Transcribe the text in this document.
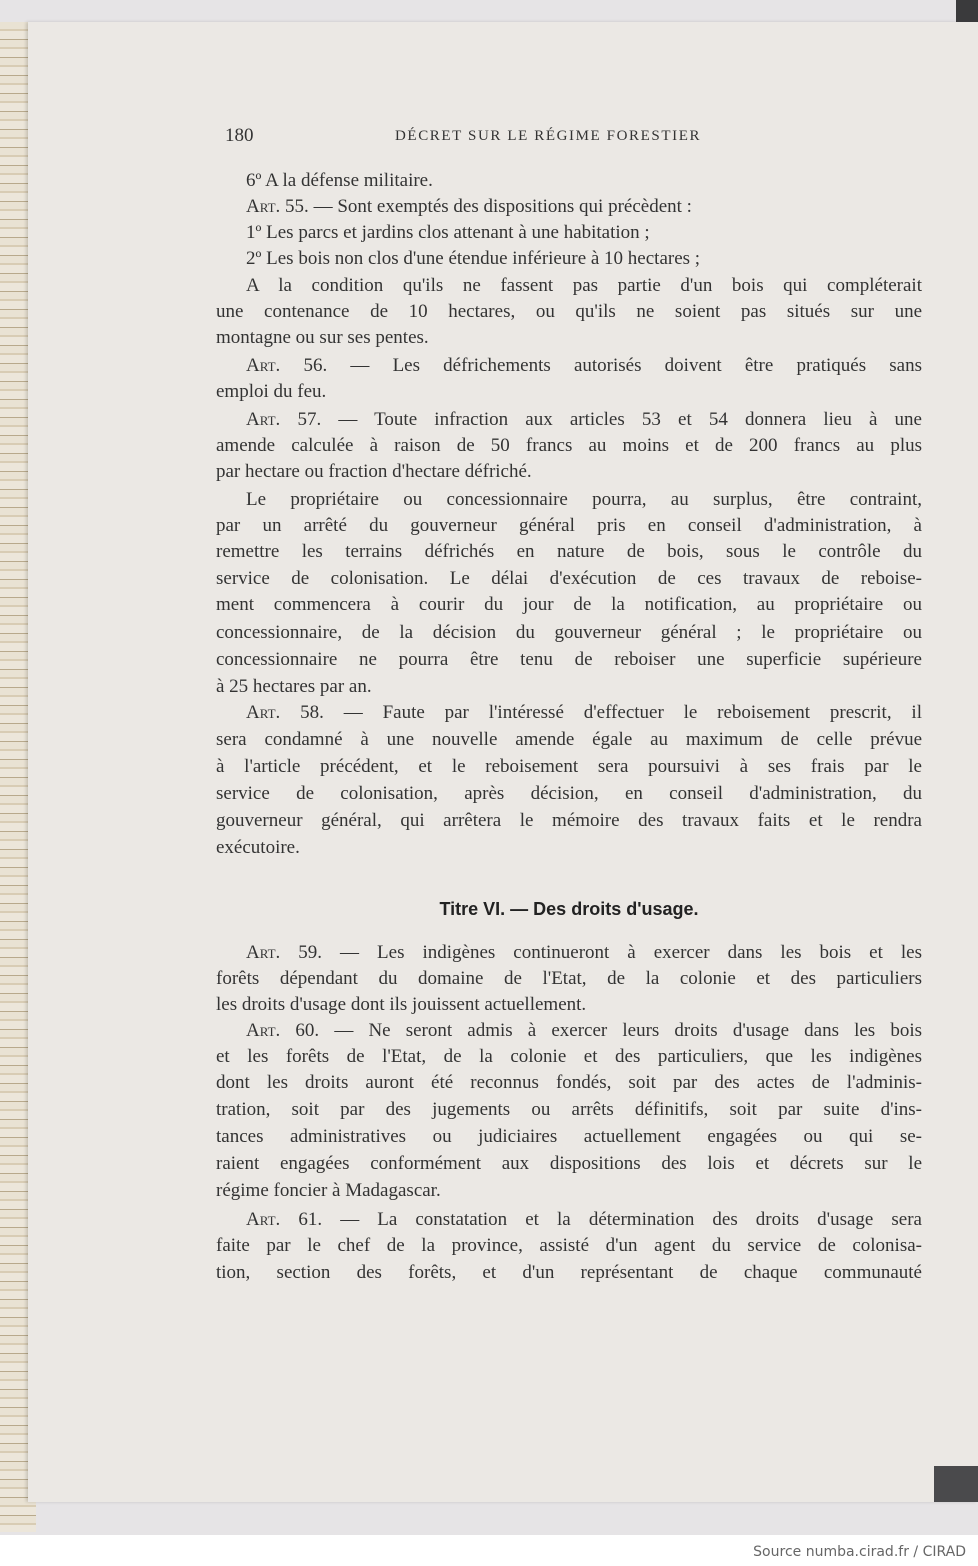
180	DÉCRET SUR LE RÉGIME FORESTIER
6º A la défense militaire.
Art. 55. — Sont exemptés des dispositions qui précèdent :
1º Les parcs et jardins clos attenant à une habitation ;
2º Les bois non clos d'une étendue inférieure à 10 hectares ;
A la condition qu'ils ne fassent pas partie d'un bois qui compléterait
une contenance de 10 hectares, ou qu'ils ne soient pas situés sur une
montagne ou sur ses pentes.
Art. 56. — Les défrichements autorisés doivent être pratiqués sans
emploi du feu.
Art. 57. — Toute infraction aux articles 53 et 54 donnera lieu à une
amende calculée à raison de 50 francs au moins et de 200 francs au plus
par hectare ou fraction d'hectare défriché.
Le propriétaire ou concessionnaire pourra, au surplus, être contraint,
par un arrêté du gouverneur général pris en conseil d'administration, à
remettre les terrains défrichés en nature de bois, sous le contrôle du
service de colonisation. Le délai d'exécution de ces travaux de reboise-
ment commencera à courir du jour de la notification, au propriétaire ou
concessionnaire, de la décision du gouverneur général ; le propriétaire ou
concessionnaire ne pourra être tenu de reboiser une superficie supérieure
à 25 hectares par an.
Art. 58. — Faute par l'intéressé d'effectuer le reboisement prescrit, il
sera condamné à une nouvelle amende égale au maximum de celle prévue
à l'article précédent, et le reboisement sera poursuivi à ses frais par le
service de colonisation, après décision, en conseil d'administration, du
gouverneur général, qui arrêtera le mémoire des travaux faits et le rendra
exécutoire.
Art. 59. — Les indigènes continueront à exercer dans les bois et les
forêts dépendant du domaine de l'Etat, de la colonie et des particuliers
les droits d'usage dont ils jouissent actuellement.
Art. 60. — Ne seront admis à exercer leurs droits d'usage dans les bois
et les forêts de l'Etat, de la colonie et des particuliers, que les indigènes
dont les droits auront été reconnus fondés, soit par des actes de l'adminis-
tration, soit par des jugements ou arrêts définitifs, soit par suite d'ins-
tances administratives ou judiciaires actuellement engagées ou qui se-
raient engagées conformément aux dispositions des lois et décrets sur le
régime foncier à Madagascar.
Art. 61. — La constatation et la détermination des droits d'usage sera
faite par le chef de la province, assisté d'un agent du service de colonisa-
tion, section des forêts, et d'un représentant de chaque communauté
Titre VI. — Des droits d'usage.
Source numba.cirad.fr / CIRAD
